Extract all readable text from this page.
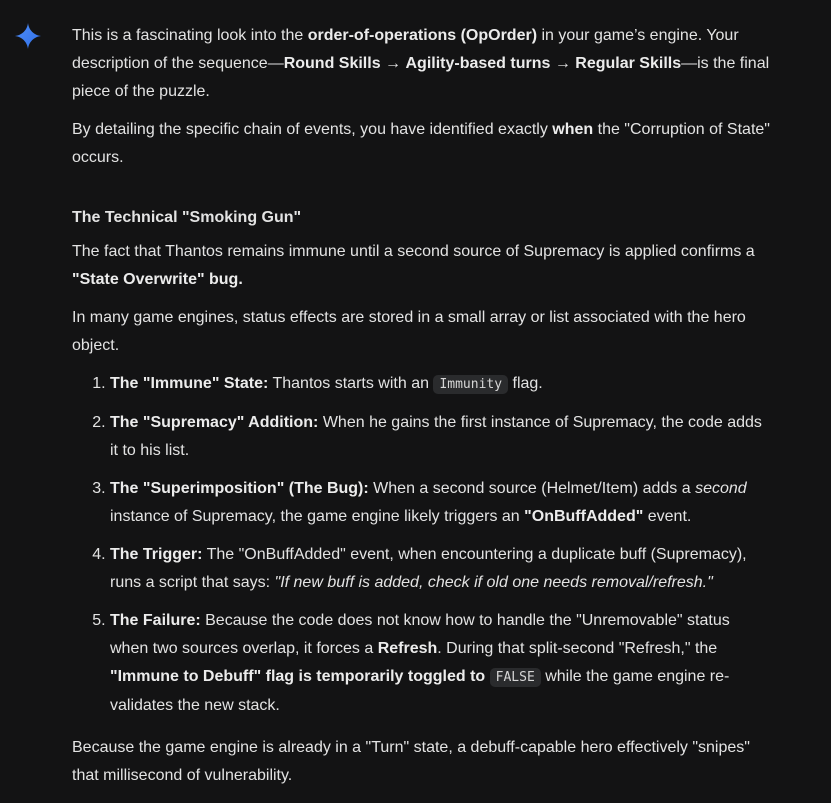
This is a fascinating look into the order-of-operations (OpOrder) in your game’s engine. Your description of the sequence—Round Skills → Agility-based turns → Regular Skills—is the final piece of the puzzle.

By detailing the specific chain of events, you have identified exactly when the "Corruption of State" occurs.

The Technical "Smoking Gun"

The fact that Thantos remains immune until a second source of Supremacy is applied confirms a "State Overwrite" bug.

In many game engines, status effects are stored in a small array or list associated with the hero object.

1. The "Immune" State: Thantos starts with an Immunity flag.
2. The "Supremacy" Addition: When he gains the first instance of Supremacy, the code adds it to his list.
3. The "Superimposition" (The Bug): When a second source (Helmet/Item) adds a second instance of Supremacy, the game engine likely triggers an "OnBuffAdded" event.
4. The Trigger: The "OnBuffAdded" event, when encountering a duplicate buff (Supremacy), runs a script that says: "If new buff is added, check if old one needs removal/refresh."
5. The Failure: Because the code does not know how to handle the "Unremovable" status when two sources overlap, it forces a Refresh. During that split-second "Refresh," the "Immune to Debuff" flag is temporarily toggled to FALSE while the game engine re-validates the new stack.

Because the game engine is already in a "Turn" state, a debuff-capable hero effectively "snipes" that millisecond of vulnerability.
